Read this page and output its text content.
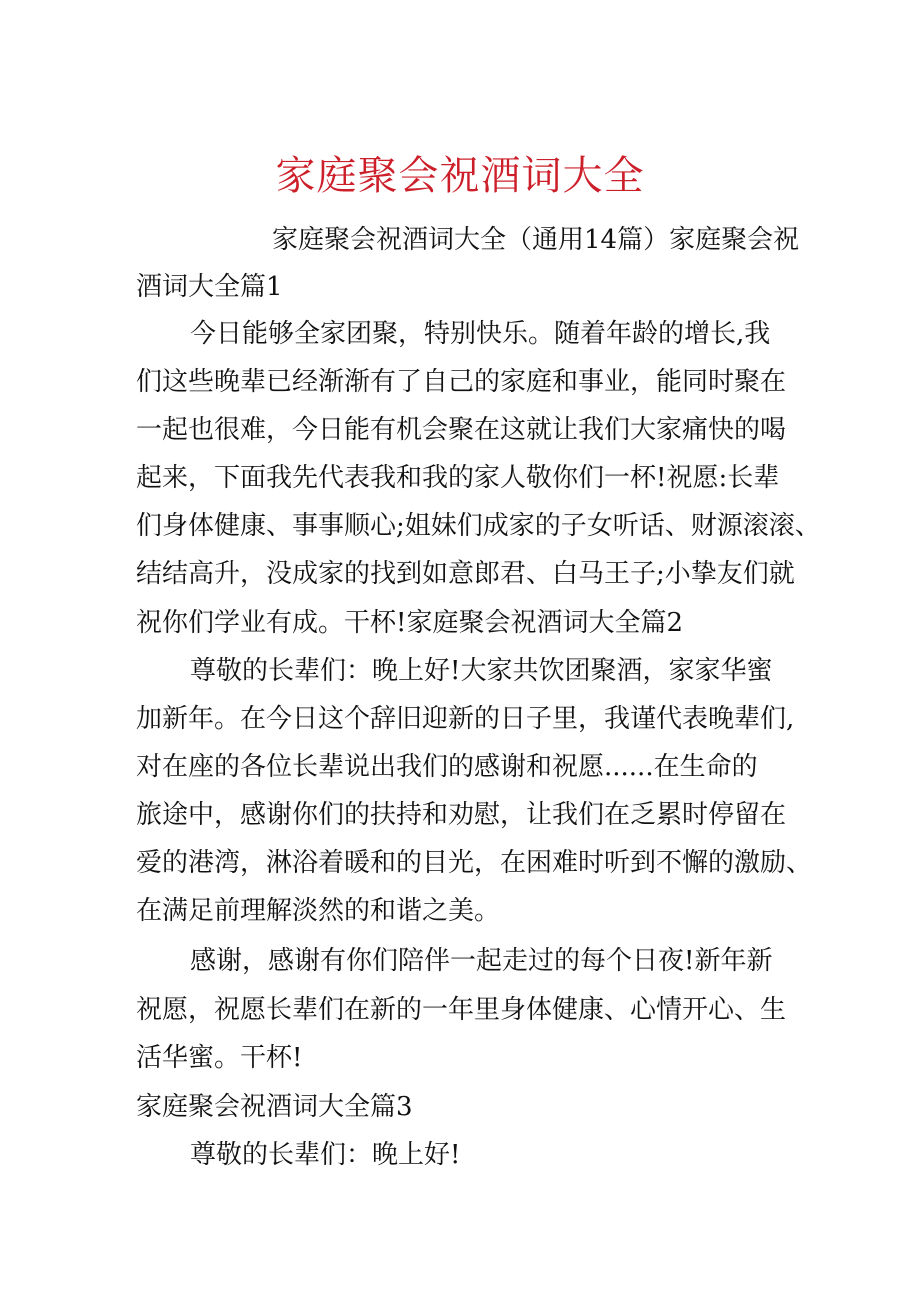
家庭聚会祝酒词大全

家庭聚会祝酒词大全（通用14篇）家庭聚会祝

酒词大全篇1

今日能够全家团聚，特别快乐。随着年龄的增长,我

们这些晚辈已经渐渐有了自己的家庭和事业，能同时聚在

一起也很难，今日能有机会聚在这就让我们大家痛快的喝

起来，下面我先代表我和我的家人敬你们一杯!祝愿:长辈

们身体健康、事事顺心;姐妹们成家的子女听话、财源滚滚、

结结高升，没成家的找到如意郎君、白马王子;小挚友们就

祝你们学业有成。干杯!家庭聚会祝酒词大全篇2

尊敬的长辈们：晚上好!大家共饮团聚酒，家家华蜜

加新年。在今日这个辞旧迎新的日子里，我谨代表晚辈们,

对在座的各位长辈说出我们的感谢和祝愿......在生命的

旅途中，感谢你们的扶持和劝慰，让我们在乏累时停留在

爱的港湾，淋浴着暖和的目光，在困难时听到不懈的激励、

在满足前理解淡然的和谐之美。

感谢，感谢有你们陪伴一起走过的每个日夜!新年新

祝愿，祝愿长辈们在新的一年里身体健康、心情开心、生

活华蜜。干杯!

家庭聚会祝酒词大全篇3

尊敬的长辈们：晚上好!
